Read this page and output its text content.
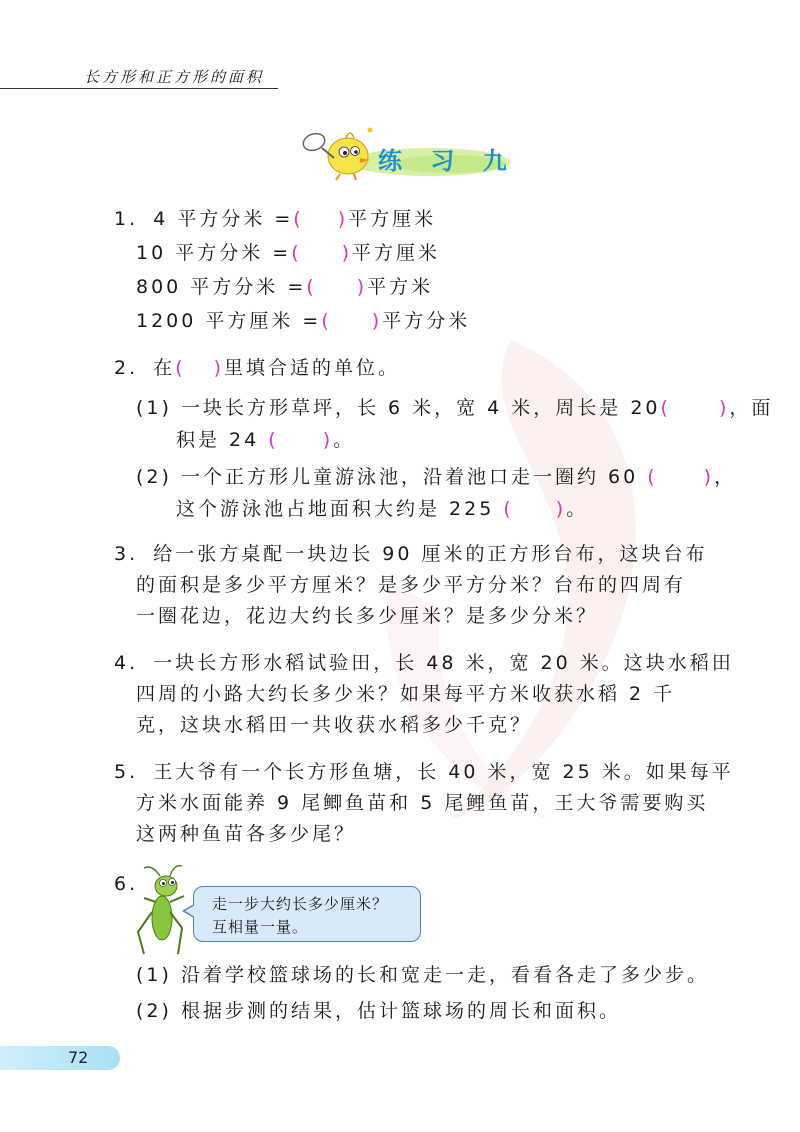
长方形和正方形的面积
练 习 九
1. 4 平方分米 =( )平方厘米
10 平方分米 =( )平方厘米
800 平方分米 =( )平方米
1200 平方厘米 =( )平方分米
2. 在( )里填合适的单位。
(1) 一块长方形草坪，长 6 米，宽 4 米，周长是 20(	)，面
积是 24 ( )。
(2) 一个正方形儿童游泳池，沿着池口走一圈约 60 ( )，
这个游泳池占地面积大约是 225 ( )。
3. 给一张方桌配一块边长 90 厘米的正方形台布，这块台布
的面积是多少平方厘米？是多少平方分米？台布的四周有
一圈花边，花边大约长多少厘米？是多少分米？
4. 一块长方形水稻试验田，长 48 米，宽 20 米。这块水稻田
四周的小路大约长多少米？如果每平方米收获水稻 2 千
克，这块水稻田一共收获水稻多少千克？
5. 王大爷有一个长方形鱼塘，长 40 米，宽 25 米。如果每平
方米水面能养 9 尾鲫鱼苗和 5 尾鲤鱼苗，王大爷需要购买
这两种鱼苗各多少尾？
6.
走一步大约长多少厘米？
互相量一量。
(1) 沿着学校篮球场的长和宽走一走，看看各走了多少步。
(2) 根据步测的结果，估计篮球场的周长和面积。
72
